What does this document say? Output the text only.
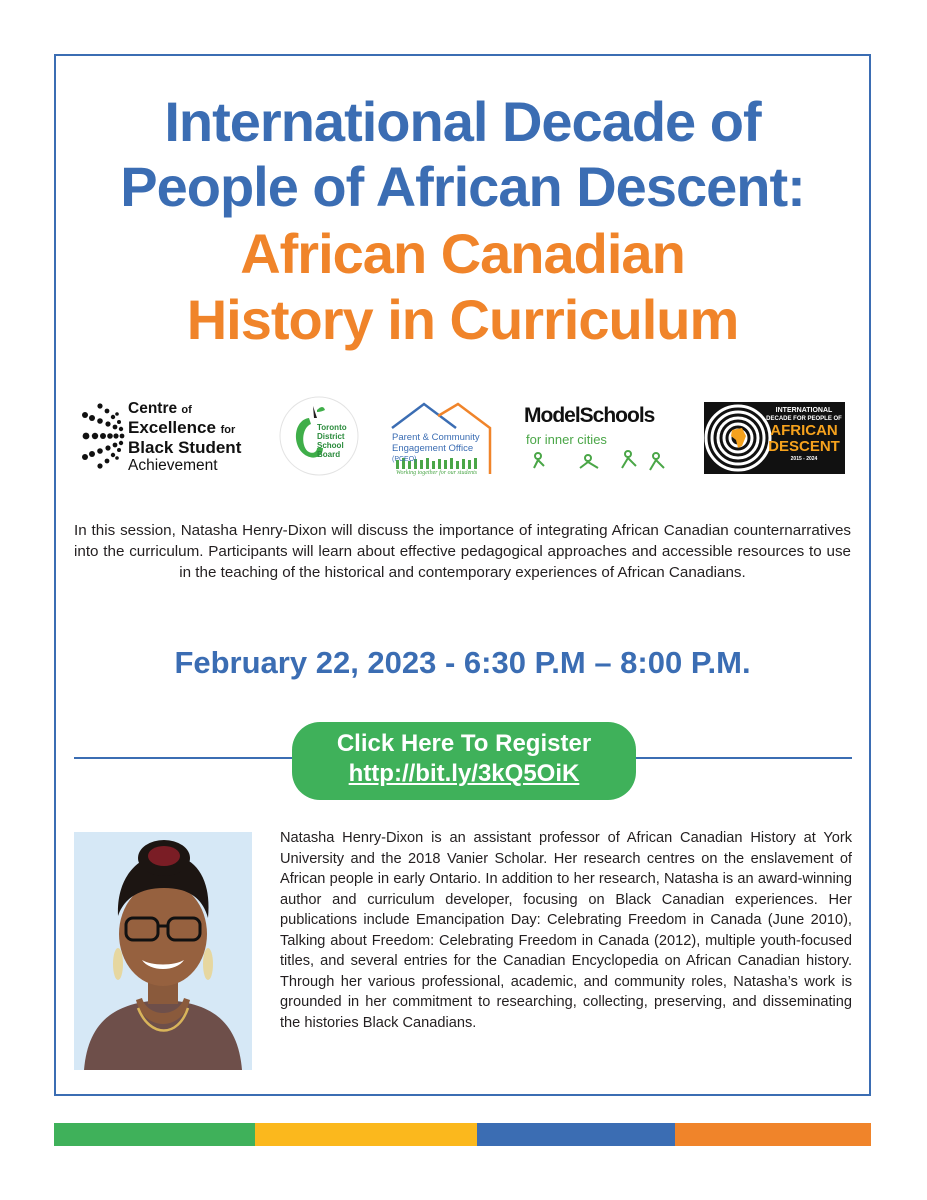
International Decade of
People of African Descent:
African Canadian
History in Curriculum
Centre of
Excellence for
Black Student
Achievement
Toronto
District
School
Board
Parent & Community
Engagement Office
(PCEO)
Working together for our students
ModelSchools
for inner cities
INTERNATIONAL
DECADE FOR PEOPLE OF
AFRICAN
DESCENT
2015 - 2024

In this session, Natasha Henry-Dixon will discuss the importance of integrating African Canadian counternarratives into the curriculum. Participants will learn about effective pedagogical approaches and accessible resources to use in the teaching of the historical and contemporary experiences of African Canadians.

February 22, 2023 - 6:30 P.M – 8:00 P.M.
Click Here To Register
http://bit.ly/3kQ5OiK

Natasha Henry-Dixon is an assistant professor of African Canadian History at York University and the 2018 Vanier Scholar. Her research centres on the enslavement of African people in early Ontario. In addition to her research, Natasha is an award-winning author and curriculum developer, focusing on Black Canadian experiences. Her publications include Emancipation Day: Celebrating Freedom in Canada (June 2010), Talking about Freedom: Celebrating Freedom in Canada (2012), multiple youth-focused titles, and several entries for the Canadian Encyclopedia on African Canadian history. Through her various professional, academic, and community roles, Natasha’s work is grounded in her commitment to researching, collecting, preserving, and disseminating the histories Black Canadians.
